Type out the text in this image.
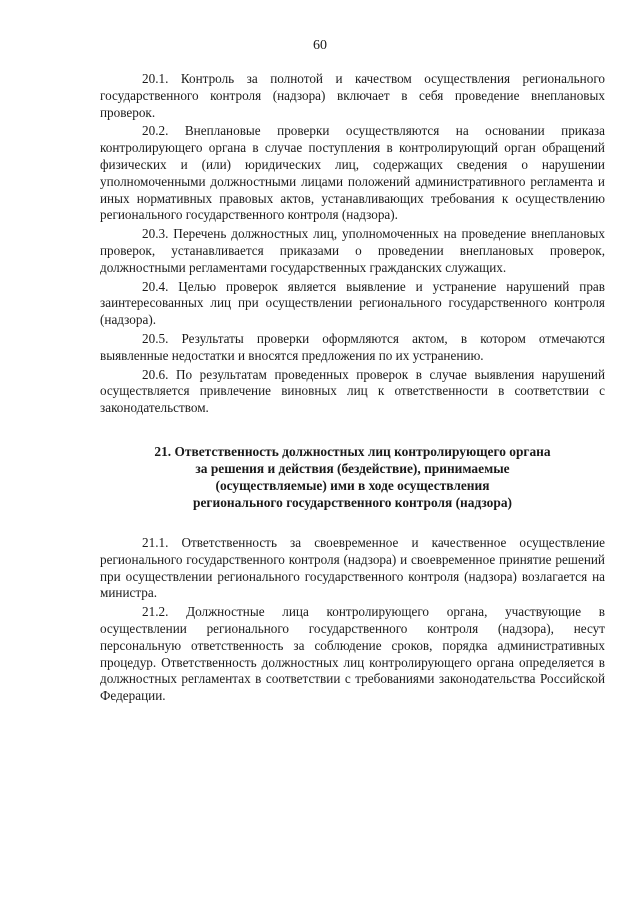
60

20.1. Контроль за полнотой и качеством осуществления регионального государственного контроля (надзора) включает в себя проведение внеплановых проверок.

20.2. Внеплановые проверки осуществляются на основании приказа контролирующего органа в случае поступления в контролирующий орган обращений физических и (или) юридических лиц, содержащих сведения о нарушении уполномоченными должностными лицами положений административного регламента и иных нормативных правовых актов, устанавливающих требования к осуществлению регионального государственного контроля (надзора).

20.3. Перечень должностных лиц, уполномоченных на проведение внеплановых проверок, устанавливается приказами о проведении внеплановых проверок, должностными регламентами государственных гражданских служащих.

20.4. Целью проверок является выявление и устранение нарушений прав заинтересованных лиц при осуществлении регионального государственного контроля (надзора).

20.5. Результаты проверки оформляются актом, в котором отмечаются выявленные недостатки и вносятся предложения по их устранению.

20.6. По результатам проведенных проверок в случае выявления нарушений осуществляется привлечение виновных лиц к ответственности в соответствии с законодательством.

21. Ответственность должностных лиц контролирующего органа
за решения и действия (бездействие), принимаемые
(осуществляемые) ими в ходе осуществления
регионального государственного контроля (надзора)

21.1. Ответственность за своевременное и качественное осуществление регионального государственного контроля (надзора) и своевременное принятие решений при осуществлении регионального государственного контроля (надзора) возлагается на министра.

21.2. Должностные лица контролирующего органа, участвующие в осуществлении регионального государственного контроля (надзора), несут персональную ответственность за соблюдение сроков, порядка административных процедур. Ответственность должностных лиц контролирующего органа определяется в должностных регламентах в соответствии с требованиями законодательства Российской Федерации.
